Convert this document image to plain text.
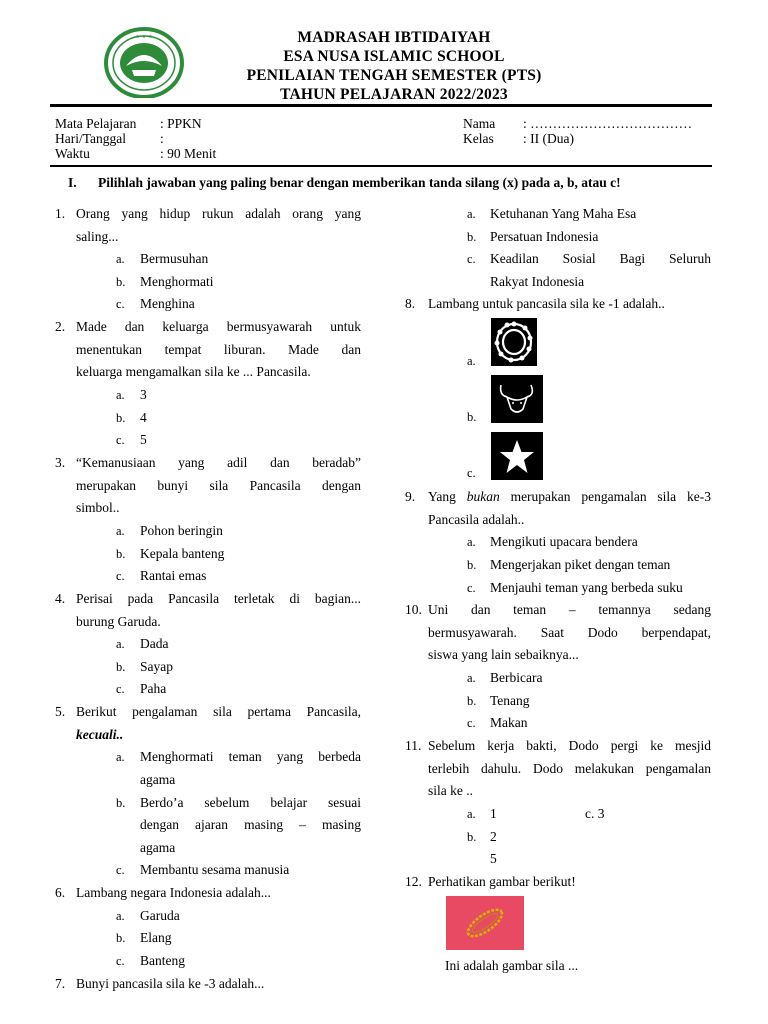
★ ★ ★	MADRASAH IBTIDAIYAH
ESA NUSA ISLAMIC SCHOOL
PENILAIAN TENGAH SEMESTER (PTS)
TAHUN PELAJARAN 2022/2023
Mata Pelajaran : PPKN
Hari/Tanggal	:
Waktu	: 90 Menit
Nama : ………………………………
Kelas : II (Dua)
I. Pilihlah jawaban yang paling benar dengan memberikan tanda silang (x) pada a, b, atau c!
1. Orang yang hidup rukun adalah orang yang
saling...
a. Bermusuhan
b. Menghormati
c. Menghina
2. Made dan keluarga bermusyawarah untuk
menentukan tempat liburan. Made dan
keluarga mengamalkan sila ke ... Pancasila.
a. 3
b. 4
c. 5
3. “Kemanusiaan yang adil dan beradab”
merupakan bunyi sila Pancasila dengan
simbol..
a. Pohon beringin
b. Kepala banteng
c. Rantai emas
4. Perisai pada Pancasila terletak di bagian...
burung Garuda.
a. Dada
b. Sayap
c. Paha
5. Berikut pengalaman sila pertama Pancasila,
kecuali..
a. Menghormati teman yang berbeda
agama
b. Berdo’a sebelum belajar sesuai
dengan ajaran masing – masing
agama
c. Membantu sesama manusia
6. Lambang negara Indonesia adalah...
a. Garuda
b. Elang
c. Banteng
7. Bunyi pancasila sila ke -3 adalah...
a. Ketuhanan Yang Maha Esa
b. Persatuan Indonesia
c. Keadilan Sosial Bagi Seluruh
Rakyat Indonesia
8. Lambang untuk pancasila sila ke -1 adalah..
a.
b.
c.
9. Yang bukan merupakan pengamalan sila ke-3
Pancasila adalah..
a. Mengikuti upacara bendera
b. Mengerjakan piket dengan teman
c. Menjauhi teman yang berbeda suku
10. Uni dan teman – temannya sedang
bermusyawarah. Saat Dodo berpendapat,
siswa yang lain sebaiknya...
a. Berbicara
b. Tenang
c. Makan
11. Sebelum kerja bakti, Dodo pergi ke mesjid
terlebih dahulu. Dodo melakukan pengamalan
sila ke ..
a. 1	c. 3
b. 2
5
12. Perhatikan gambar berikut!
Ini adalah gambar sila ...
